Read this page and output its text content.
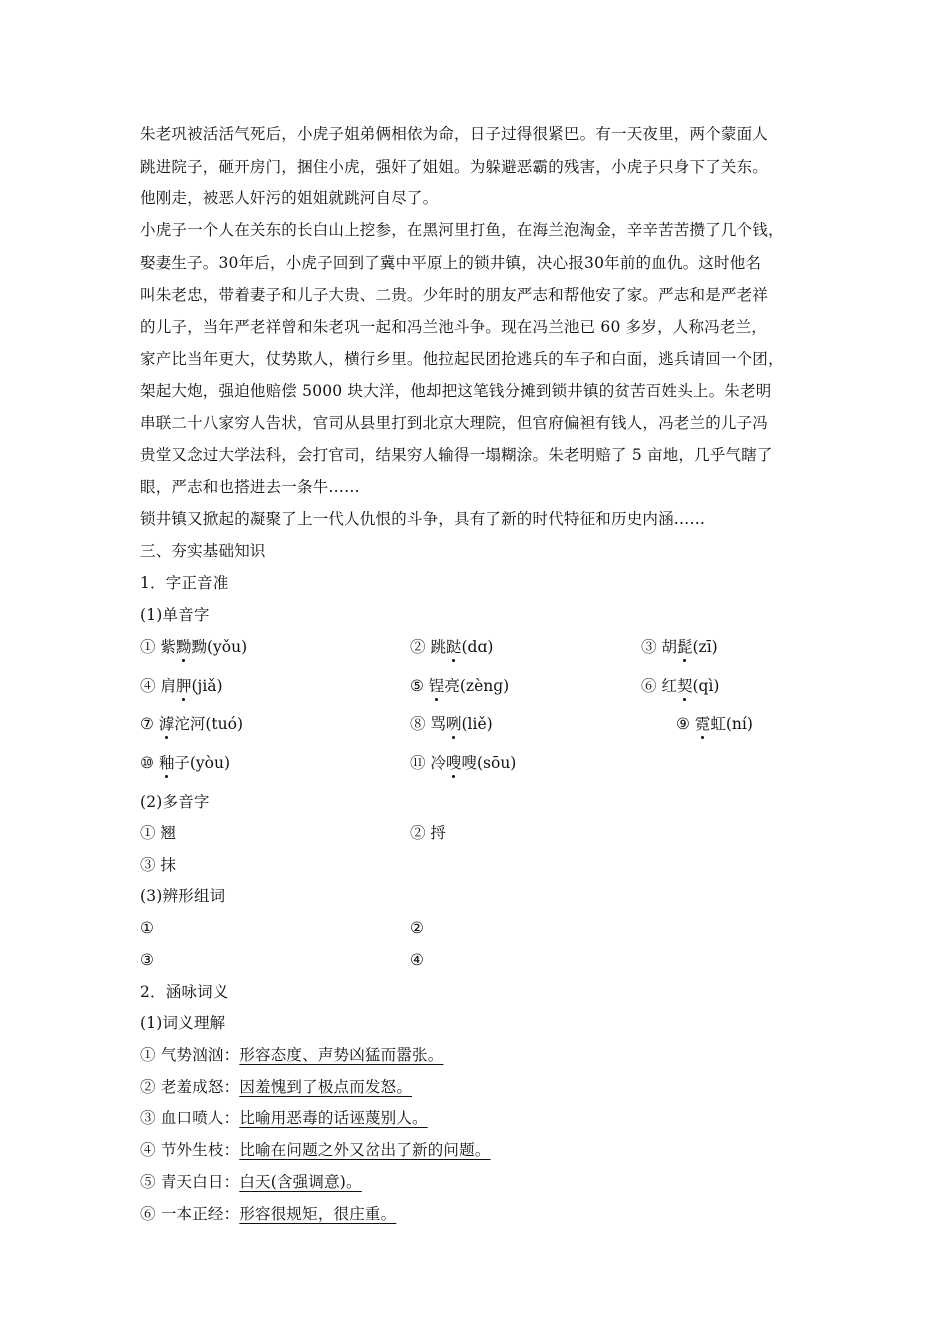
朱老巩被活活气死后，小虎子姐弟俩相依为命，日子过得很紧巴。有一天夜里，两个蒙面人
跳进院子，砸开房门，捆住小虎，强奸了姐姐。为躲避恶霸的残害，小虎子只身下了关东。
他刚走，被恶人奸污的姐姐就跳河自尽了。
小虎子一个人在关东的长白山上挖参，在黑河里打鱼，在海兰泡淘金，辛辛苦苦攒了几个钱，
娶妻生子。30年后，小虎子回到了冀中平原上的锁井镇，决心报30年前的血仇。这时他名
叫朱老忠，带着妻子和儿子大贵、二贵。少年时的朋友严志和帮他安了家。严志和是严老祥
的儿子，当年严老祥曾和朱老巩一起和冯兰池斗争。现在冯兰池已 60 多岁，人称冯老兰，
家产比当年更大，仗势欺人，横行乡里。他拉起民团抢逃兵的车子和白面，逃兵请回一个团，
架起大炮，强迫他赔偿 5000 块大洋，他却把这笔钱分摊到锁井镇的贫苦百姓头上。朱老明
串联二十八家穷人告状，官司从县里打到北京大理院，但官府偏袒有钱人，冯老兰的儿子冯
贵堂又念过大学法科，会打官司，结果穷人输得一塌糊涂。朱老明赔了 5 亩地，几乎气瞎了
眼，严志和也搭进去一条牛……
锁井镇又掀起的凝聚了上一代人仇恨的斗争，具有了新的时代特征和历史内涵……
三、夯实基础知识
1．字正音准
(1)单音字
① 紫黝黝(yǒu)	② 跳跶(dɑ)	③ 胡髭(zī)
④ 肩胛(jiǎ)	⑤ 锃亮(zènɡ)	⑥ 红契(qì)
⑦ 滹沱河(tuó)	⑧ 骂咧(liě)	⑨ 霓虹(ní)
⑩ 釉子(yòu)	⑪ 冷嗖嗖(sōu)
(2)多音字
① 翘	② 捋
③ 抹
(3)辨形组词
①	②
③	④
2．涵咏词义
(1)词义理解
① 气势汹汹：形容态度、声势凶猛而嚣张。
② 老羞成怒：因羞愧到了极点而发怒。
③ 血口喷人：比喻用恶毒的话诬蔑别人。
④ 节外生枝：比喻在问题之外又岔出了新的问题。
⑤ 青天白日：白天(含强调意)。
⑥ 一本正经：形容很规矩，很庄重。
